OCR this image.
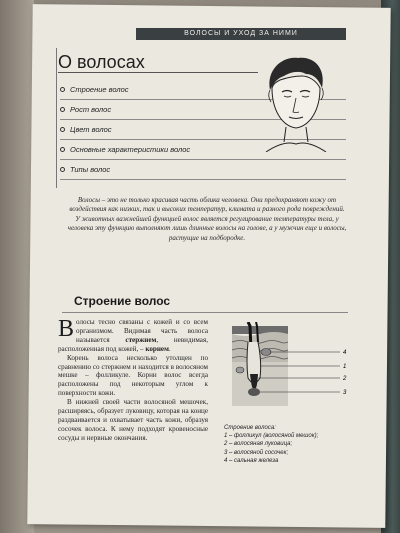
ВОЛОСЫ И УХОД ЗА НИМИ
О волосах
Строение волос
Рост волос
Цвет волос
Основные характеристики волос
Типы волос

Волосы – это не только красивая часть облика человека. Они предохраняют кожу от воздействия как низких, так и высоких температур, климата и разного рода повреждений.

У животных важнейшей функцией волос является регулирование температуры тела, у человека эту функцию выполняют лишь длинные волосы на голове, а у мужчин еще и волосы, растущие на подбородке.

Строение волос

Волосы тесно связаны с кожей и со всем организмом. Видимая часть волоса называется стержнем, невидимая, расположенная под кожей, – корнем.

Корень волоса несколько утолщен по сравнению со стержнем и находится в волосяном мешке – фолликуле. Корни волос всегда расположены под некоторым углом к поверхности кожи.

В нижней своей части волосяной мешочек, расширяясь, образует луковицу, которая на конце раздваивается и охватывает часть кожи, образуя сосочек волоса. К нему подходят кровеносные сосуды и нервные окончания.

4
1
2
3
Строение волоса:
1 – фолликул (волосяной мешок);
2 – волосяная луковица;
3 – волосяной сосочек;
4 – сальная железа
